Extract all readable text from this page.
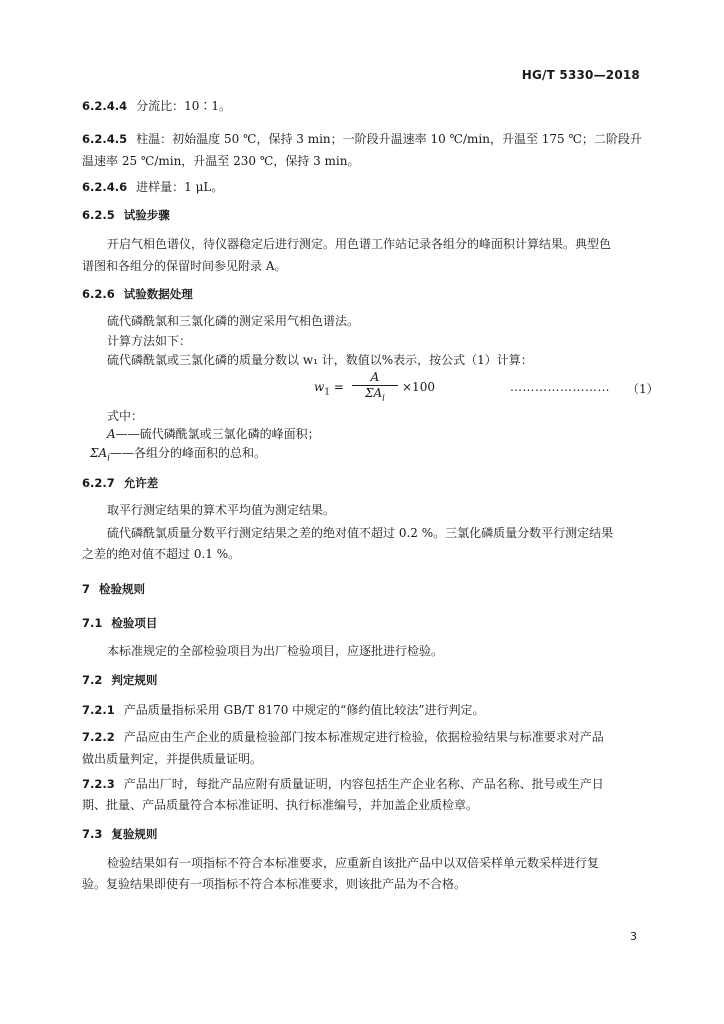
HG/T 5330—2018
6.2.4.4 分流比：10∶1。
6.2.4.5 柱温：初始温度 50 ℃，保持 3 min；一阶段升温速率 10 ℃/min，升温至 175 ℃；二阶段升
温速率 25 ℃/min，升温至 230 ℃，保持 3 min。
6.2.4.6 进样量：1 μL。
6.2.5 试验步骤
开启气相色谱仪，待仪器稳定后进行测定。用色谱工作站记录各组分的峰面积计算结果。典型色
谱图和各组分的保留时间参见附录 A。
6.2.6 试验数据处理
硫代磷酰氯和三氯化磷的测定采用气相色谱法。
计算方法如下：
硫代磷酰氯或三氯化磷的质量分数以 w₁ 计，数值以%表示，按公式（1）计算：
$w_1$ =
A
$\Sigma A_i$
×100	…………………… （1）
式中：
A——硫代磷酰氯或三氯化磷的峰面积；
$\Sigma A_i——$各组分的峰面积的总和。
6.2.7 允许差
取平行测定结果的算术平均值为测定结果。
硫代磷酰氯质量分数平行测定结果之差的绝对值不超过 0.2 %。三氯化磷质量分数平行测定结果
之差的绝对值不超过 0.1 %。
7 检验规则
7.1 检验项目
本标准规定的全部检验项目为出厂检验项目，应逐批进行检验。
7.2 判定规则
7.2.1 产品质量指标采用 GB/T 8170 中规定的“修约值比较法”进行判定。
7.2.2 产品应由生产企业的质量检验部门按本标准规定进行检验，依据检验结果与标准要求对产品
做出质量判定，并提供质量证明。
7.2.3 产品出厂时，每批产品应附有质量证明，内容包括生产企业名称、产品名称、批号或生产日
期、批量、产品质量符合本标准证明、执行标准编号，并加盖企业质检章。
7.3 复验规则
检验结果如有一项指标不符合本标准要求，应重新自该批产品中以双倍采样单元数采样进行复
验。复验结果即使有一项指标不符合本标准要求，则该批产品为不合格。
3
